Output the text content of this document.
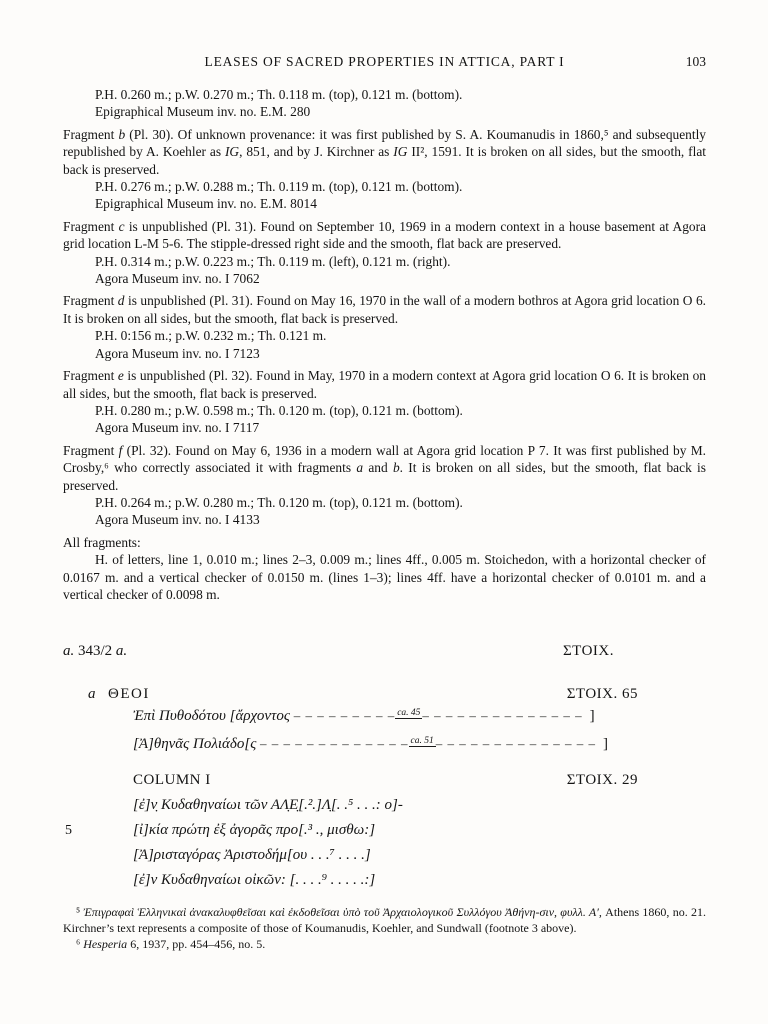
LEASES OF SACRED PROPERTIES IN ATTICA, PART I	103

P.H. 0.260 m.; p.W. 0.270 m.; Th. 0.118 m. (top), 0.121 m. (bottom).

Epigraphical Museum inv. no. E.M. 280

Fragment b (Pl. 30). Of unknown provenance: it was first published by S. A. Koumanudis in 1860,⁵ and subsequently republished by A. Koehler as IG, 851, and by J. Kirchner as IG II², 1591. It is broken on all sides, but the smooth, flat back is preserved.

P.H. 0.276 m.; p.W. 0.288 m.; Th. 0.119 m. (top), 0.121 m. (bottom).

Epigraphical Museum inv. no. E.M. 8014

Fragment c is unpublished (Pl. 31). Found on September 10, 1969 in a modern context in a house basement at Agora grid location L-M 5-6. The stipple-dressed right side and the smooth, flat back are preserved.

P.H. 0.314 m.; p.W. 0.223 m.; Th. 0.119 m. (left), 0.121 m. (right).

Agora Museum inv. no. I 7062

Fragment d is unpublished (Pl. 31). Found on May 16, 1970 in the wall of a modern bothros at Agora grid location O 6. It is broken on all sides, but the smooth, flat back is preserved.

P.H. 0:156 m.; p.W. 0.232 m.; Th. 0.121 m.

Agora Museum inv. no. I 7123

Fragment e is unpublished (Pl. 32). Found in May, 1970 in a modern context at Agora grid location O 6. It is broken on all sides, but the smooth, flat back is preserved.

P.H. 0.280 m.; p.W. 0.598 m.; Th. 0.120 m. (top), 0.121 m. (bottom).

Agora Museum inv. no. I 7117

Fragment f (Pl. 32). Found on May 6, 1936 in a modern wall at Agora grid location P 7. It was first published by M. Crosby,⁶ who correctly associated it with fragments a and b. It is broken on all sides, but the smooth, flat back is preserved.

P.H. 0.264 m.; p.W. 0.280 m.; Th. 0.120 m. (top), 0.121 m. (bottom).

Agora Museum inv. no. I 4133

All fragments:

H. of letters, line 1, 0.010 m.; lines 2–3, 0.009 m.; lines 4ff., 0.005 m. Stoichedon, with a horizontal checker of 0.0167 m. and a vertical checker of 0.0150 m. (lines 1–3); lines 4ff. have a horizontal checker of 0.0101 m. and a vertical checker of 0.0098 m.

a. 343/2 a.	ΣΤΟΙΧ.
a ΘΕΟΙ	ΣΤΟΙΧ. 65
Ἐπὶ Πυθοδότου [ἄρχοντος – – – – – – – – – $^{ca. 45}$ – – – – – – – – – – – – – – ]
[Ἀ]θηνᾶς Πολιάδο[ς – – – – – – – – – – – – – $^{ca. 51}$ – – – – – – – – – – – – – – ]
COLUMN I	ΣΤΟΙΧ. 29
[ἐ]ν̣ Κυδαθηναίωι τῶν ΑΛ̣Ε̣[.².]Λ̣[. .⁵ . . .: ο]-
5	[ἰ]κία πρώτη ἐξ ἀγορᾶς προ[.³ ., μισθω:]
[Ἀ]ρισταγόρας Ἀριστοδήμ[ου . . .⁷ . . . .]
[ἐ]ν Κυδαθηναίωι οἰκῶν: [. . . .⁹ . . . . .:]

⁵ Ἐπιγραφαὶ Ἑλληνικαὶ ἀνακαλυφθεῖσαι καὶ ἐκδοθεῖσαι ὑπὸ τοῦ Ἀρχαιολογικοῦ Συλλόγου Ἀθήνη-σιν, φυλλ. Α′, Athens 1860, no. 21. Kirchner’s text represents a composite of those of Koumanudis, Koehler, and Sundwall (footnote 3 above).

⁶ Hesperia 6, 1937, pp. 454–456, no. 5.
